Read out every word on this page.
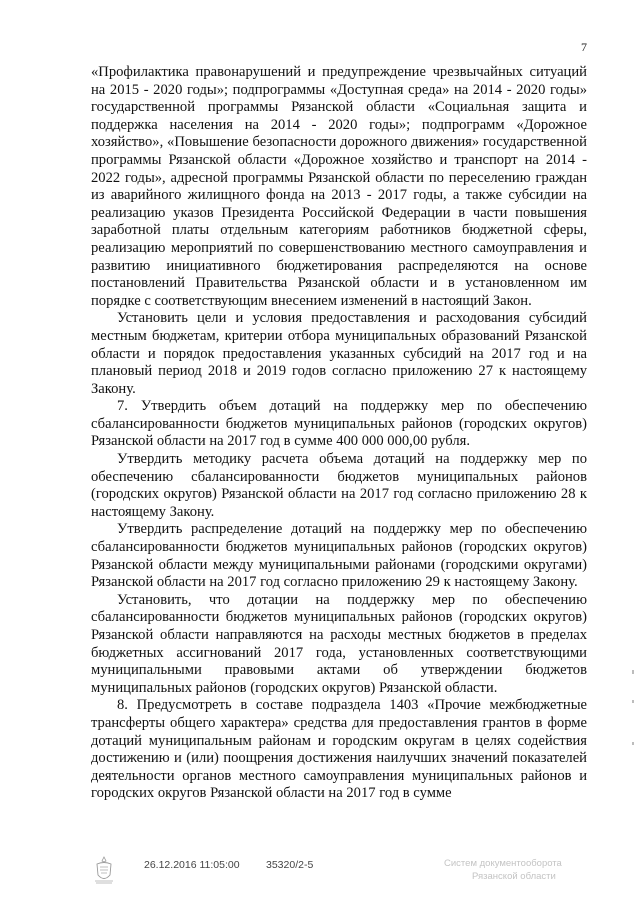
7

«Профилактика правонарушений и предупреждение чрезвычайных ситуаций на 2015 - 2020 годы»; подпрограммы «Доступная среда» на 2014 - 2020 годы» государственной программы Рязанской области «Социальная защита и поддержка населения на 2014 - 2020 годы»; подпрограмм «Дорожное хозяйство», «Повышение безопасности дорожного движения» государственной программы Рязанской области «Дорожное хозяйство и транспорт на 2014 - 2022 годы», адресной программы Рязанской области по переселению граждан из аварийного жилищного фонда на 2013 - 2017 годы, а также субсидии на реализацию указов Президента Российской Федерации в части повышения заработной платы отдельным категориям работников бюджетной сферы, реализацию мероприятий по совершенствованию местного самоуправления и развитию инициативного бюджетирования распределяются на основе постановлений Правительства Рязанской области и в установленном им порядке с соответствующим внесением изменений в настоящий Закон.

Установить цели и условия предоставления и расходования субсидий местным бюджетам, критерии отбора муниципальных образований Рязанской области и порядок предоставления указанных субсидий на 2017 год и на плановый период 2018 и 2019 годов согласно приложению 27 к настоящему Закону.

7. Утвердить объем дотаций на поддержку мер по обеспечению сбалансированности бюджетов муниципальных районов (городских округов) Рязанской области на 2017 год в сумме 400 000 000,00 рубля.

Утвердить методику расчета объема дотаций на поддержку мер по обеспечению сбалансированности бюджетов муниципальных районов (городских округов) Рязанской области на 2017 год согласно приложению 28 к настоящему Закону.

Утвердить распределение дотаций на поддержку мер по обеспечению сбалансированности бюджетов муниципальных районов (городских округов) Рязанской области между муниципальными районами (городскими округами) Рязанской области на 2017 год согласно приложению 29 к настоящему Закону.

Установить, что дотации на поддержку мер по обеспечению сбалансированности бюджетов муниципальных районов (городских округов) Рязанской области направляются на расходы местных бюджетов в пределах бюджетных ассигнований 2017 года, установленных соответствующими муниципальными правовыми актами об утверждении бюджетов муниципальных районов (городских округов) Рязанской области.

8. Предусмотреть в составе подраздела 1403 «Прочие межбюджетные трансферты общего характера» средства для предоставления грантов в форме дотаций муниципальным районам и городским округам в целях содействия достижению и (или) поощрения достижения наилучших значений показателей деятельности органов местного самоуправления муниципальных районов и городских округов Рязанской области на 2017 год в сумме

26.12.2016 11:05:00	35320/2-5	Систем документооборота
Рязанской области
